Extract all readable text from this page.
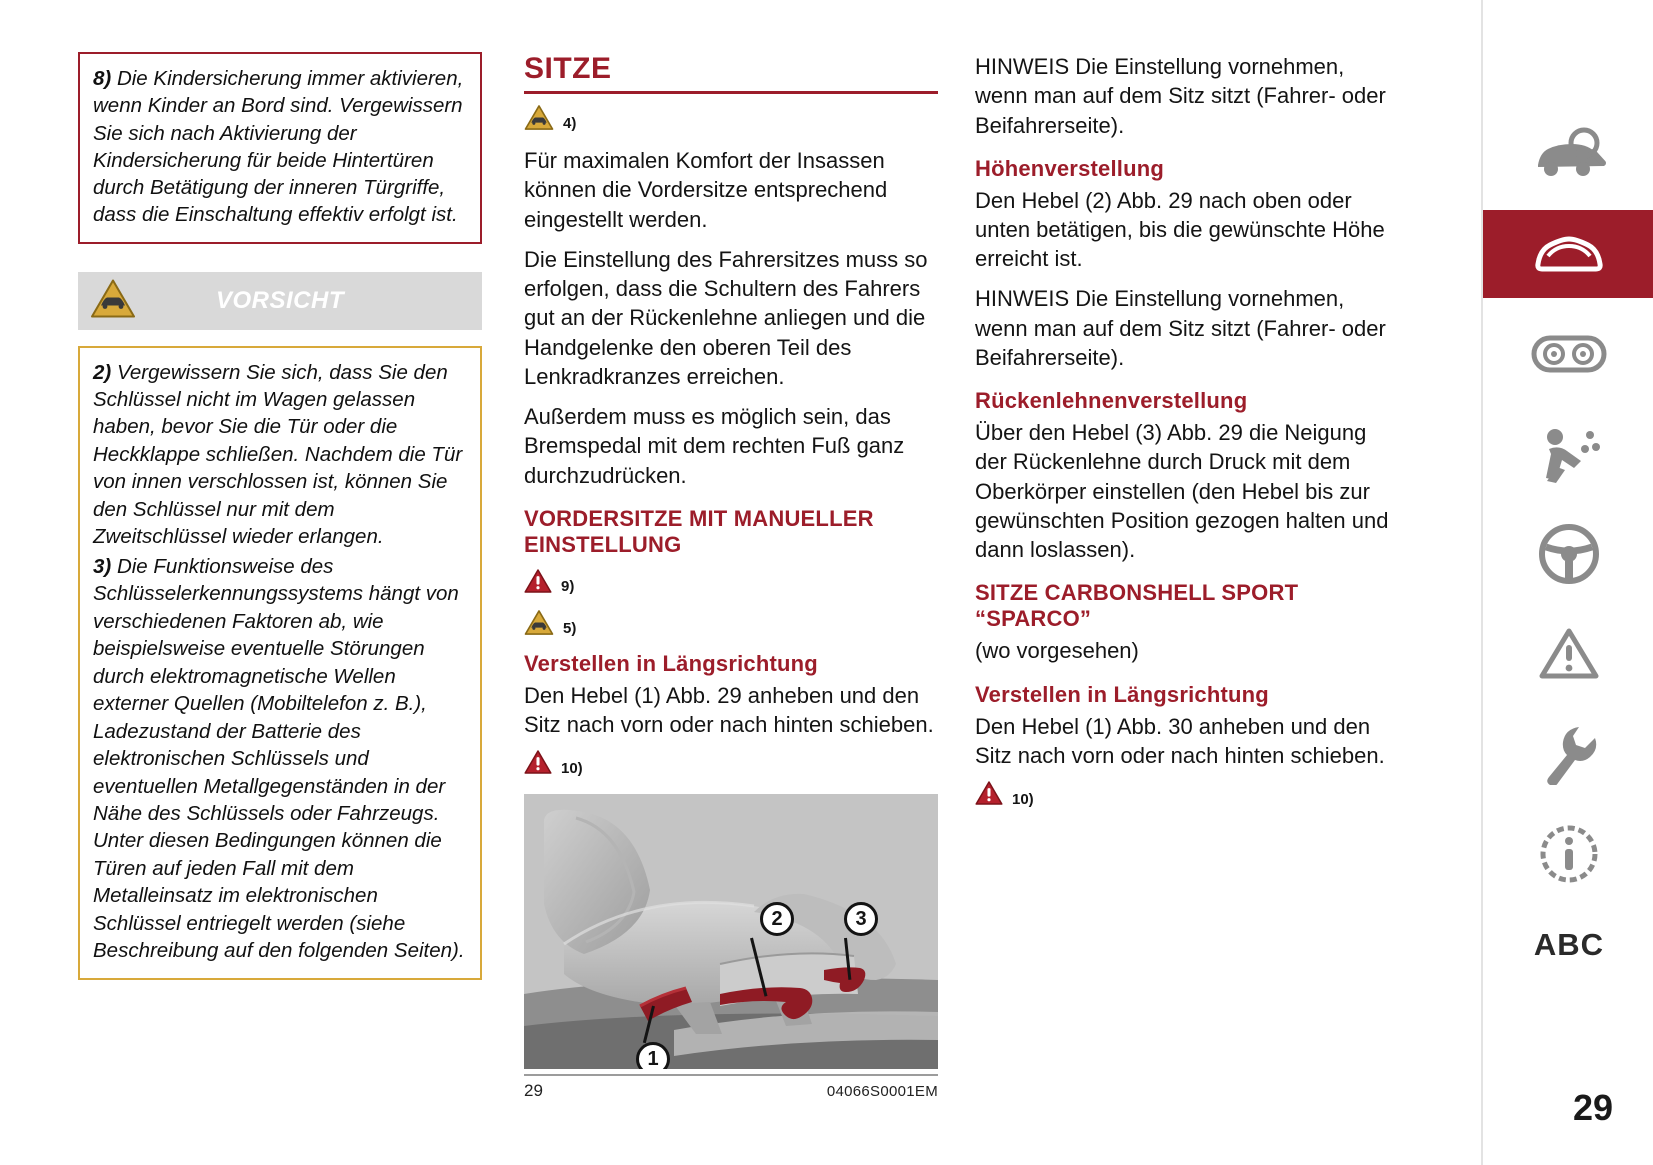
8) Die Kindersicherung immer aktivieren, wenn Kinder an Bord sind. Vergewissern Sie sich nach Aktivierung der Kindersicherung für beide Hintertüren durch Betätigung der inneren Türgriffe, dass die Einschaltung effektiv erfolgt ist.
VORSICHT

2) Vergewissern Sie sich, dass Sie den Schlüssel nicht im Wagen gelassen haben, bevor Sie die Tür oder die Heckklappe schließen. Nachdem die Tür von innen verschlossen ist, können Sie den Schlüssel nur mit dem Zweitschlüssel wieder erlangen.

3) Die Funktionsweise des Schlüsselerkennungssystems hängt von verschiedenen Faktoren ab, wie beispielsweise eventuelle Störungen durch elektromagnetische Wellen externer Quellen (Mobiltelefon z. B.), Ladezustand der Batterie des elektronischen Schlüssels und eventuellen Metallgegenständen in der Nähe des Schlüssels oder Fahrzeugs. Unter diesen Bedingungen können die Türen auf jeden Fall mit dem Metalleinsatz im elektronischen Schlüssel entriegelt werden (siehe Beschreibung auf den folgenden Seiten).

SITZE
4)

Für maximalen Komfort der Insassen können die Vordersitze entsprechend eingestellt werden.

Die Einstellung des Fahrersitzes muss so erfolgen, dass die Schultern des Fahrers gut an der Rückenlehne anliegen und die Handgelenke den oberen Teil des Lenkradkranzes erreichen.

Außerdem muss es möglich sein, das Bremspedal mit dem rechten Fuß ganz durchzudrücken.

VORDERSITZE MIT MANUELLER EINSTELLUNG
9)
5)
Verstellen in Längsrichtung

Den Hebel (1) Abb. 29 anheben und den Sitz nach vorn oder nach hinten schieben.

10)
1
2	3
29	04066S0001EM

HINWEIS Die Einstellung vornehmen, wenn man auf dem Sitz sitzt (Fahrer- oder Beifahrerseite).

Höhenverstellung

Den Hebel (2) Abb. 29 nach oben oder unten betätigen, bis die gewünschte Höhe erreicht ist.

HINWEIS Die Einstellung vornehmen, wenn man auf dem Sitz sitzt (Fahrer- oder Beifahrerseite).

Rückenlehnenverstellung

Über den Hebel (3) Abb. 29 die Neigung der Rückenlehne durch Druck mit dem Oberkörper einstellen (den Hebel bis zur gewünschten Position gezogen halten und dann loslassen).

SITZE CARBONSHELL SPORT “SPARCO”

(wo vorgesehen)

Verstellen in Längsrichtung

Den Hebel (1) Abb. 30 anheben und den Sitz nach vorn oder nach hinten schieben.

10)
ABC
29
